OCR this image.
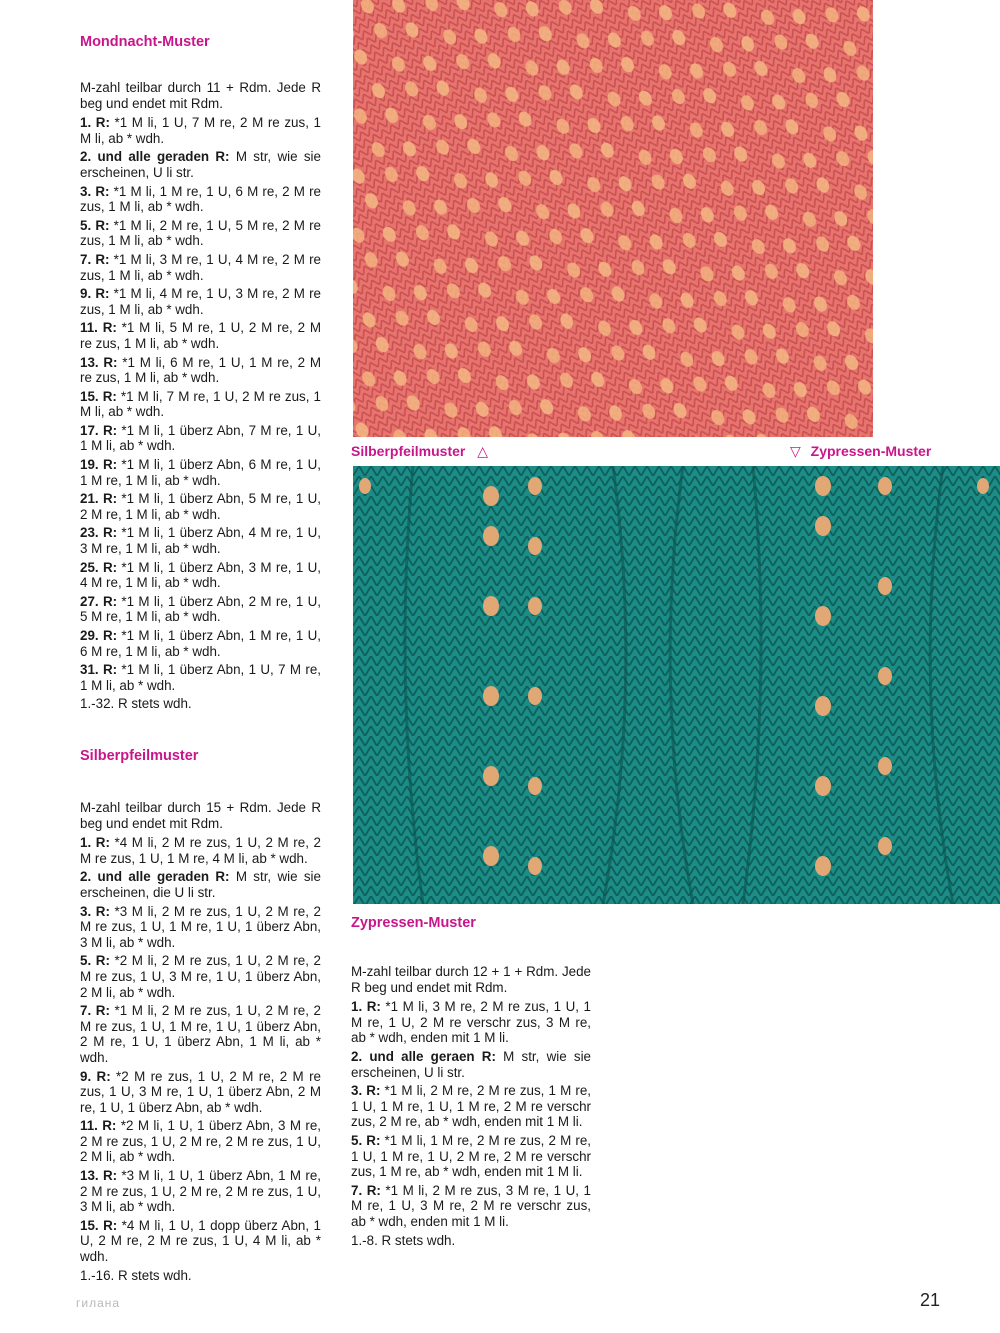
Mondnacht-Muster

M-zahl teilbar durch 11 + Rdm. Jede R beg und endet mit Rdm.

1. R: *1 M li, 1 U, 7 M re, 2 M re zus, 1 M li, ab * wdh.

2. und alle geraden R: M str, wie sie erscheinen, U li str.

3. R: *1 M li, 1 M re, 1 U, 6 M re, 2 M re zus, 1 M li, ab * wdh.

5. R: *1 M li, 2 M re, 1 U, 5 M re, 2 M re zus, 1 M li, ab * wdh.

7. R: *1 M li, 3 M re, 1 U, 4 M re, 2 M re zus, 1 M li, ab * wdh.

9. R: *1 M li, 4 M re, 1 U, 3 M re, 2 M re zus, 1 M li, ab * wdh.

11. R: *1 M li, 5 M re, 1 U, 2 M re, 2 M re zus, 1 M li, ab * wdh.

13. R: *1 M li, 6 M re, 1 U, 1 M re, 2 M re zus, 1 M li, ab * wdh.

15. R: *1 M li, 7 M re, 1 U, 2 M re zus, 1 M li, ab * wdh.

17. R: *1 M li, 1 überz Abn, 7 M re, 1 U, 1 M li, ab * wdh.

19. R: *1 M li, 1 überz Abn, 6 M re, 1 U, 1 M re, 1 M li, ab * wdh.

21. R: *1 M li, 1 überz Abn, 5 M re, 1 U, 2 M re, 1 M li, ab * wdh.

23. R: *1 M li, 1 überz Abn, 4 M re, 1 U, 3 M re, 1 M li, ab * wdh.

25. R: *1 M li, 1 überz Abn, 3 M re, 1 U, 4 M re, 1 M li, ab * wdh.

27. R: *1 M li, 1 überz Abn, 2 M re, 1 U, 5 M re, 1 M li, ab * wdh.

29. R: *1 M li, 1 überz Abn, 1 M re, 1 U, 6 M re, 1 M li, ab * wdh.

31. R: *1 M li, 1 überz Abn, 1 U, 7 M re, 1 M li, ab * wdh.

1.-32. R stets wdh.

Silberpfeilmuster

M-zahl teilbar durch 15 + Rdm. Jede R beg und endet mit Rdm.

1. R: *4 M li, 2 M re zus, 1 U, 2 M re, 2 M re zus, 1 U, 1 M re, 4 M li, ab * wdh.

2. und alle geraden R: M str, wie sie erscheinen, die U li str.

3. R: *3 M li, 2 M re zus, 1 U, 2 M re, 2 M re zus, 1 U, 1 M re, 1 U, 1 überz Abn, 3 M li, ab * wdh.

5. R: *2 M li, 2 M re zus, 1 U, 2 M re, 2 M re zus, 1 U, 3 M re, 1 U, 1 überz Abn, 2 M li, ab * wdh.

7. R: *1 M li, 2 M re zus, 1 U, 2 M re, 2 M re zus, 1 U, 1 M re, 1 U, 1 überz Abn, 2 M re, 1 U, 1 überz Abn, 1 M li, ab * wdh.

9. R: *2 M re zus, 1 U, 2 M re, 2 M re zus, 1 U, 3 M re, 1 U, 1 überz Abn, 2 M re, 1 U, 1 überz Abn, ab * wdh.

11. R: *2 M li, 1 U, 1 überz Abn, 3 M re, 2 M re zus, 1 U, 2 M re, 2 M re zus, 1 U, 2 M li, ab * wdh.

13. R: *3 M li, 1 U, 1 überz Abn, 1 M re, 2 M re zus, 1 U, 2 M re, 2 M re zus, 1 U, 3 M li, ab * wdh.

15. R: *4 M li, 1 U, 1 dopp überz Abn, 1 U, 2 M re, 2 M re zus, 1 U, 4 M li, ab * wdh.

1.-16. R stets wdh.

Silberpfeilmuster △	▽ Zypressen-Muster
Zypressen-Muster

M-zahl teilbar durch 12 + 1 + Rdm. Jede R beg und endet mit Rdm.

1. R: *1 M li, 3 M re, 2 M re zus, 1 U, 1 M re, 1 U, 2 M re verschr zus, 3 M re, ab * wdh, enden mit 1 M li.

2. und alle geraen R: M str, wie sie erscheinen, U li str.

3. R: *1 M li, 2 M re, 2 M re zus, 1 M re, 1 U, 1 M re, 1 U, 1 M re, 2 M re verschr zus, 2 M re, ab * wdh, enden mit 1 M li.

5. R: *1 M li, 1 M re, 2 M re zus, 2 M re, 1 U, 1 M re, 1 U, 2 M re, 2 M re verschr zus, 1 M re, ab * wdh, enden mit 1 M li.

7. R: *1 M li, 2 M re zus, 3 M re, 1 U, 1 M re, 1 U, 3 M re, 2 M re verschr zus, ab * wdh, enden mit 1 M li.

1.-8. R stets wdh.

гилана	21
